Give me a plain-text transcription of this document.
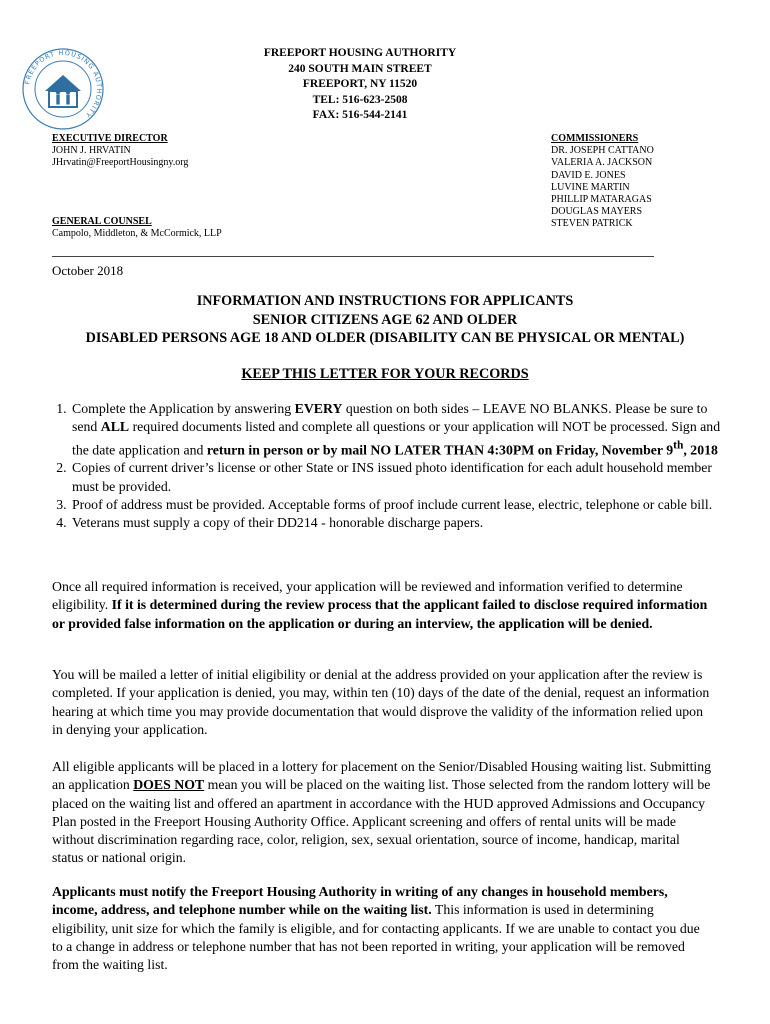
FREEPORT HOUSING AUTHORITY
FREEPORT HOUSING AUTHORITY
240 SOUTH MAIN STREET
FREEPORT, NY 11520
TEL: 516-623-2508
FAX: 516-544-2141
EXECUTIVE DIRECTOR
JOHN J. HRVATIN
JHrvatin@FreeportHousingny.org
GENERAL COUNSEL
Campolo, Middleton, & McCormick, LLP
COMMISSIONERS
DR. JOSEPH CATTANO
VALERIA A. JACKSON
DAVID E. JONES
LUVINE MARTIN
PHILLIP MATARAGAS
DOUGLAS MAYERS
STEVEN PATRICK
October 2018
INFORMATION AND INSTRUCTIONS FOR APPLICANTS
SENIOR CITIZENS AGE 62 AND OLDER
DISABLED PERSONS AGE 18 AND OLDER (DISABILITY CAN BE PHYSICAL OR MENTAL)
KEEP THIS LETTER FOR YOUR RECORDS
1. Complete the Application by answering EVERY question on both sides – LEAVE NO BLANKS. Please be sure to send ALL required documents listed and complete all questions or your application will NOT be processed. Sign and the date application and return in person or by mail NO LATER THAN 4:30PM on Friday, November 9th, 2018
2. Copies of current driver’s license or other State or INS issued photo identification for each adult household member must be provided.
3. Proof of address must be provided. Acceptable forms of proof include current lease, electric, telephone or cable bill.
4. Veterans must supply a copy of their DD214 - honorable discharge papers.
Once all required information is received, your application will be reviewed and information verified to determine eligibility. If it is determined during the review process that the applicant failed to disclose required information or provided false information on the application or during an interview, the application will be denied.
You will be mailed a letter of initial eligibility or denial at the address provided on your application after the review is completed. If your application is denied, you may, within ten (10) days of the date of the denial, request an information hearing at which time you may provide documentation that would disprove the validity of the information relied upon in denying your application.
All eligible applicants will be placed in a lottery for placement on the Senior/Disabled Housing waiting list. Submitting an application DOES NOT mean you will be placed on the waiting list. Those selected from the random lottery will be placed on the waiting list and offered an apartment in accordance with the HUD approved Admissions and Occupancy Plan posted in the Freeport Housing Authority Office. Applicant screening and offers of rental units will be made without discrimination regarding race, color, religion, sex, sexual orientation, source of income, handicap, marital status or national origin.
Applicants must notify the Freeport Housing Authority in writing of any changes in household members, income, address, and telephone number while on the waiting list. This information is used in determining eligibility, unit size for which the family is eligible, and for contacting applicants. If we are unable to contact you due to a change in address or telephone number that has not been reported in writing, your application will be removed from the waiting list.
